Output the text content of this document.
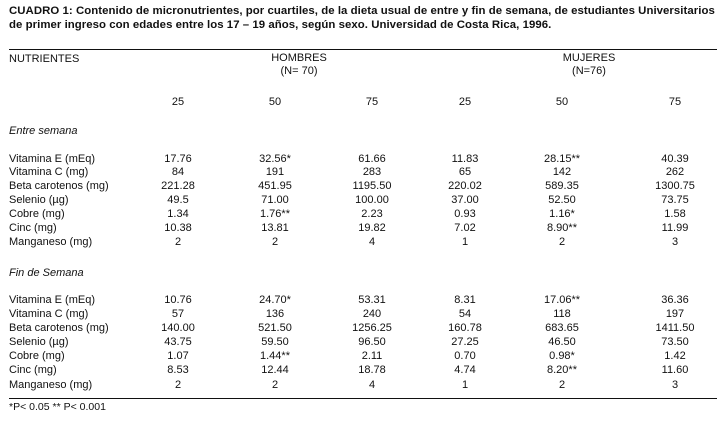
CUADRO 1: Contenido de micronutrientes, por cuartiles, de la dieta usual de entre y fin de semana, de estudiantes Universitarios de primer ingreso con edades entre los 17 – 19 años, según sexo. Universidad de Costa Rica, 1996.
NUTRIENTES	HOMBRES
(N= 70)
MUJERES
(N=76)
25	50	75	25	50	75
Entre semana
Vitamina E (mEq)	17.76	32.56*	61.66	11.83	28.15**	40.39
Vitamina C (mg)	84	191	283	65	142	262
Beta carotenos (mg)	221.28	451.95	1195.50	220.02	589.35	1300.75
Selenio (µg)	49.5	71.00	100.00	37.00	52.50	73.75
Cobre (mg)	1.34	1.76**	2.23	0.93	1.16*	1.58
Cinc (mg)	10.38	13.81	19.82	7.02	8.90**	11.99
Manganeso (mg)	2	2	4	1	2	3
Fin de Semana
Vitamina E (mEq)	10.76	24.70*	53.31	8.31	17.06**	36.36
Vitamina C (mg)	57	136	240	54	118	197
Beta carotenos (mg)	140.00	521.50	1256.25	160.78	683.65	1411.50
Selenio (µg)	43.75	59.50	96.50	27.25	46.50	73.50
Cobre (mg)	1.07	1.44**	2.11	0.70	0.98*	1.42
Cinc (mg)	8.53	12.44	18.78	4.74	8.20**	11.60
Manganeso (mg)	2	2	4	1	2	3
*P< 0.05 ** P< 0.001
